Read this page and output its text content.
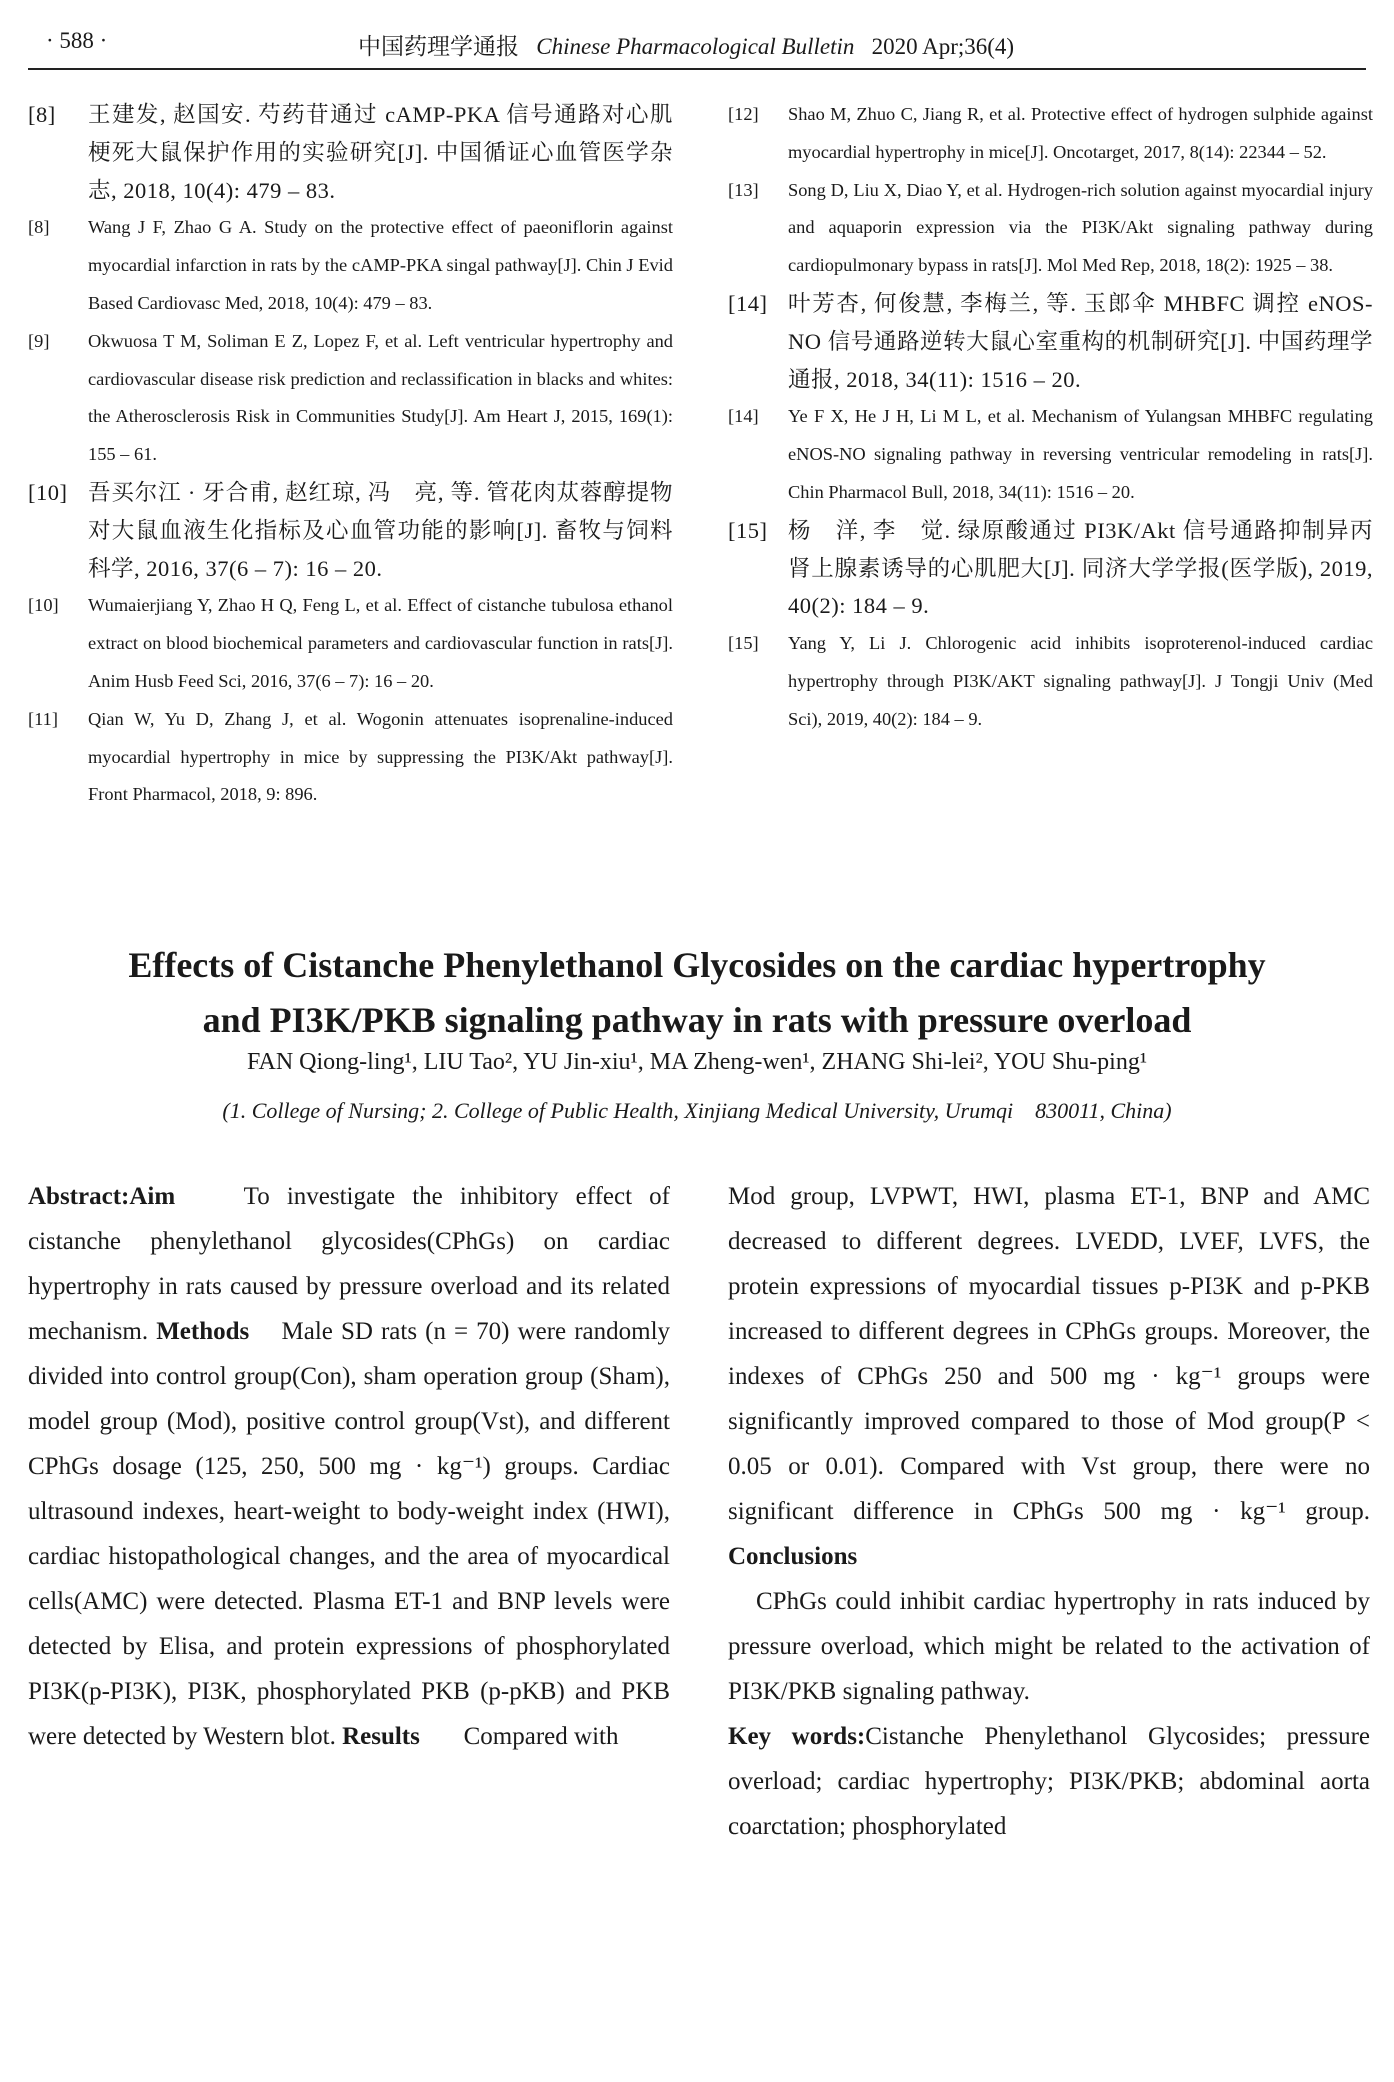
· 588 ·	中国药理学通报 Chinese Pharmacological Bulletin 2020 Apr;36(4)
[8] 王建发, 赵国安. 芍药苷通过 cAMP-PKA 信号通路对心肌梗死大鼠保护作用的实验研究[J]. 中国循证心血管医学杂志, 2018, 10(4): 479 – 83.
[8] Wang J F, Zhao G A. Study on the protective effect of paeoniflorin against myocardial infarction in rats by the cAMP-PKA singal pathway[J]. Chin J Evid Based Cardiovasc Med, 2018, 10(4): 479 – 83.
[9] Okwuosa T M, Soliman E Z, Lopez F, et al. Left ventricular hypertrophy and cardiovascular disease risk prediction and reclassification in blacks and whites: the Atherosclerosis Risk in Communities Study[J]. Am Heart J, 2015, 169(1): 155 – 61.
[10] 吾买尔江 · 牙合甫, 赵红琼, 冯　亮, 等. 管花肉苁蓉醇提物对大鼠血液生化指标及心血管功能的影响[J]. 畜牧与饲料科学, 2016, 37(6 – 7): 16 – 20.
[10] Wumaierjiang Y, Zhao H Q, Feng L, et al. Effect of cistanche tubulosa ethanol extract on blood biochemical parameters and cardiovascular function in rats[J]. Anim Husb Feed Sci, 2016, 37(6 – 7): 16 – 20.
[11] Qian W, Yu D, Zhang J, et al. Wogonin attenuates isoprenaline-induced myocardial hypertrophy in mice by suppressing the PI3K/Akt pathway[J]. Front Pharmacol, 2018, 9: 896.
[12] Shao M, Zhuo C, Jiang R, et al. Protective effect of hydrogen sulphide against myocardial hypertrophy in mice[J]. Oncotarget, 2017, 8(14): 22344 – 52.
[13] Song D, Liu X, Diao Y, et al. Hydrogen-rich solution against myocardial injury and aquaporin expression via the PI3K/Akt signaling pathway during cardiopulmonary bypass in rats[J]. Mol Med Rep, 2018, 18(2): 1925 – 38.
[14] 叶芳杏, 何俊慧, 李梅兰, 等. 玉郎伞 MHBFC 调控 eNOS-NO 信号通路逆转大鼠心室重构的机制研究[J]. 中国药理学通报, 2018, 34(11): 1516 – 20.
[14] Ye F X, He J H, Li M L, et al. Mechanism of Yulangsan MHBFC regulating eNOS-NO signaling pathway in reversing ventricular remodeling in rats[J]. Chin Pharmacol Bull, 2018, 34(11): 1516 – 20.
[15] 杨　洋, 李　觉. 绿原酸通过 PI3K/Akt 信号通路抑制异丙肾上腺素诱导的心肌肥大[J]. 同济大学学报(医学版), 2019, 40(2): 184 – 9.
[15] Yang Y, Li J. Chlorogenic acid inhibits isoproterenol-induced cardiac hypertrophy through PI3K/AKT signaling pathway[J]. J Tongji Univ (Med Sci), 2019, 40(2): 184 – 9.
Effects of Cistanche Phenylethanol Glycosides on the cardiac hypertrophy
and PI3K/PKB signaling pathway in rats with pressure overload
FAN Qiong-ling¹, LIU Tao², YU Jin-xiu¹, MA Zheng-wen¹, ZHANG Shi-lei², YOU Shu-ping¹
(1. College of Nursing; 2. College of Public Health, Xinjiang Medical University, Urumqi　830011, China)
Abstract:Aim	To investigate the inhibitory effect of cistanche phenylethanol glycosides(CPhGs) on cardiac hypertrophy in rats caused by pressure overload and its related mechanism. Methods Male SD rats (n = 70) were randomly divided into control group(Con), sham operation group (Sham), model group (Mod), positive control group(Vst), and different CPhGs dosage (125, 250, 500 mg · kg⁻¹) groups. Cardiac ultrasound indexes, heart-weight to body-weight index (HWI), cardiac histopathological changes, and the area of myocardical cells(AMC) were detected. Plasma ET-1 and BNP levels were detected by Elisa, and protein expressions of phosphorylated PI3K(p-PI3K), PI3K, phosphorylated PKB (p-pKB) and PKB were detected by Western blot. Results Compared with
Mod group, LVPWT, HWI, plasma ET-1, BNP and AMC decreased to different degrees. LVEDD, LVEF, LVFS, the protein expressions of myocardial tissues p-PI3K and p-PKB increased to different degrees in CPhGs groups. Moreover, the indexes of CPhGs 250 and 500 mg · kg⁻¹ groups were significantly improved compared to those of Mod group(P < 0.05 or 0.01). Compared with Vst group, there were no significant difference in CPhGs 500 mg · kg⁻¹ group. Conclusions
CPhGs could inhibit cardiac hypertrophy in rats induced by pressure overload, which might be related to the activation of PI3K/PKB signaling pathway.
Key words:Cistanche Phenylethanol Glycosides; pressure overload; cardiac hypertrophy; PI3K/PKB; abdominal aorta coarctation; phosphorylated
